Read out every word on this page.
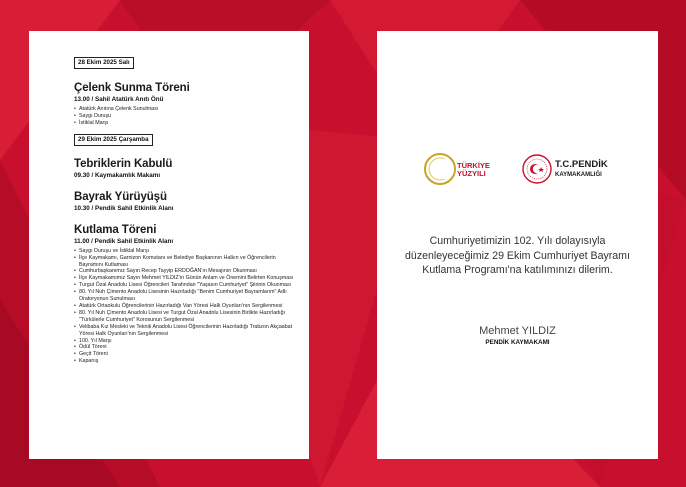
28 Ekim 2025 Salı
Çelenk Sunma Töreni
13.00 / Sahil Atatürk Anıtı Önü
• Atatürk Anıtına Çelenk Sunulması
• Saygı Duruşu
• İstiklal Marşı
29 Ekim 2025 Çarşamba
Tebriklerin Kabulü
09.30 / Kaymakamlık Makamı
Bayrak Yürüyüşü
10.30 / Pendik Sahil Etkinlik Alanı
Kutlama Töreni
11.00 / Pendik Sahil Etkinlik Alanı
• Saygı Duruşu ve İstiklal Marşı
• İlçe Kaymakamı, Garnizon Komutanı ve Belediye Başkanının Halkın ve Öğrencilerin Bayramını Kutlaması
• Cumhurbaşkanımız Sayın Recep Tayyip ERDOĞAN'ın Mesajının Okunması
• İlçe Kaymakamımız Sayın Mehmet YILDIZ'ın Günün Anlam ve Önemini Belirten Konuşması
• Turgut Özal Anadolu Lisesi Öğrencileri Tarafından "Yaşasın Cumhuriyet" Şiirinin Okunması
• 80. Yıl Nuh Çimento Anadolu Lisesinin Hazırladığı "Benim Cumhuriyet Bayramlarım" Adlı Oratoryonun Sunulması
• Atatürk Ortaokulu Öğrencilerinin Hazırladığı Van Yöresi Halk Oyunları'nın Sergilenmesi
• 80. Yıl Nuh Çimento Anadolu Lisesi ve Turgut Özal Anadolu Lisesinin Birlikte Hazırladığı "Türkülerle Cumhuriyet" Korosunun Sergilenmesi
• Velibaba Kız Mesleki ve Teknik Anadolu Lisesi Öğrencilerinin Hazırladığı Trabzon Akçaabat Yöresi Halk Oyunları'nın Sergilenmesi
• 100. Yıl Marşı
• Ödül Töreni
• Geçit Töreni
• Kapanış
TÜRKİYE
YÜZYILI
T.C.PENDİK
KAYMAKAMLIĞI
Cumhuriyetimizin 102. Yılı dolayısıyla
düzenleyeceğimiz 29 Ekim Cumhuriyet Bayramı
Kutlama Programı'na katılımınızı dilerim.
Mehmet YILDIZ
PENDİK KAYMAKAMI
